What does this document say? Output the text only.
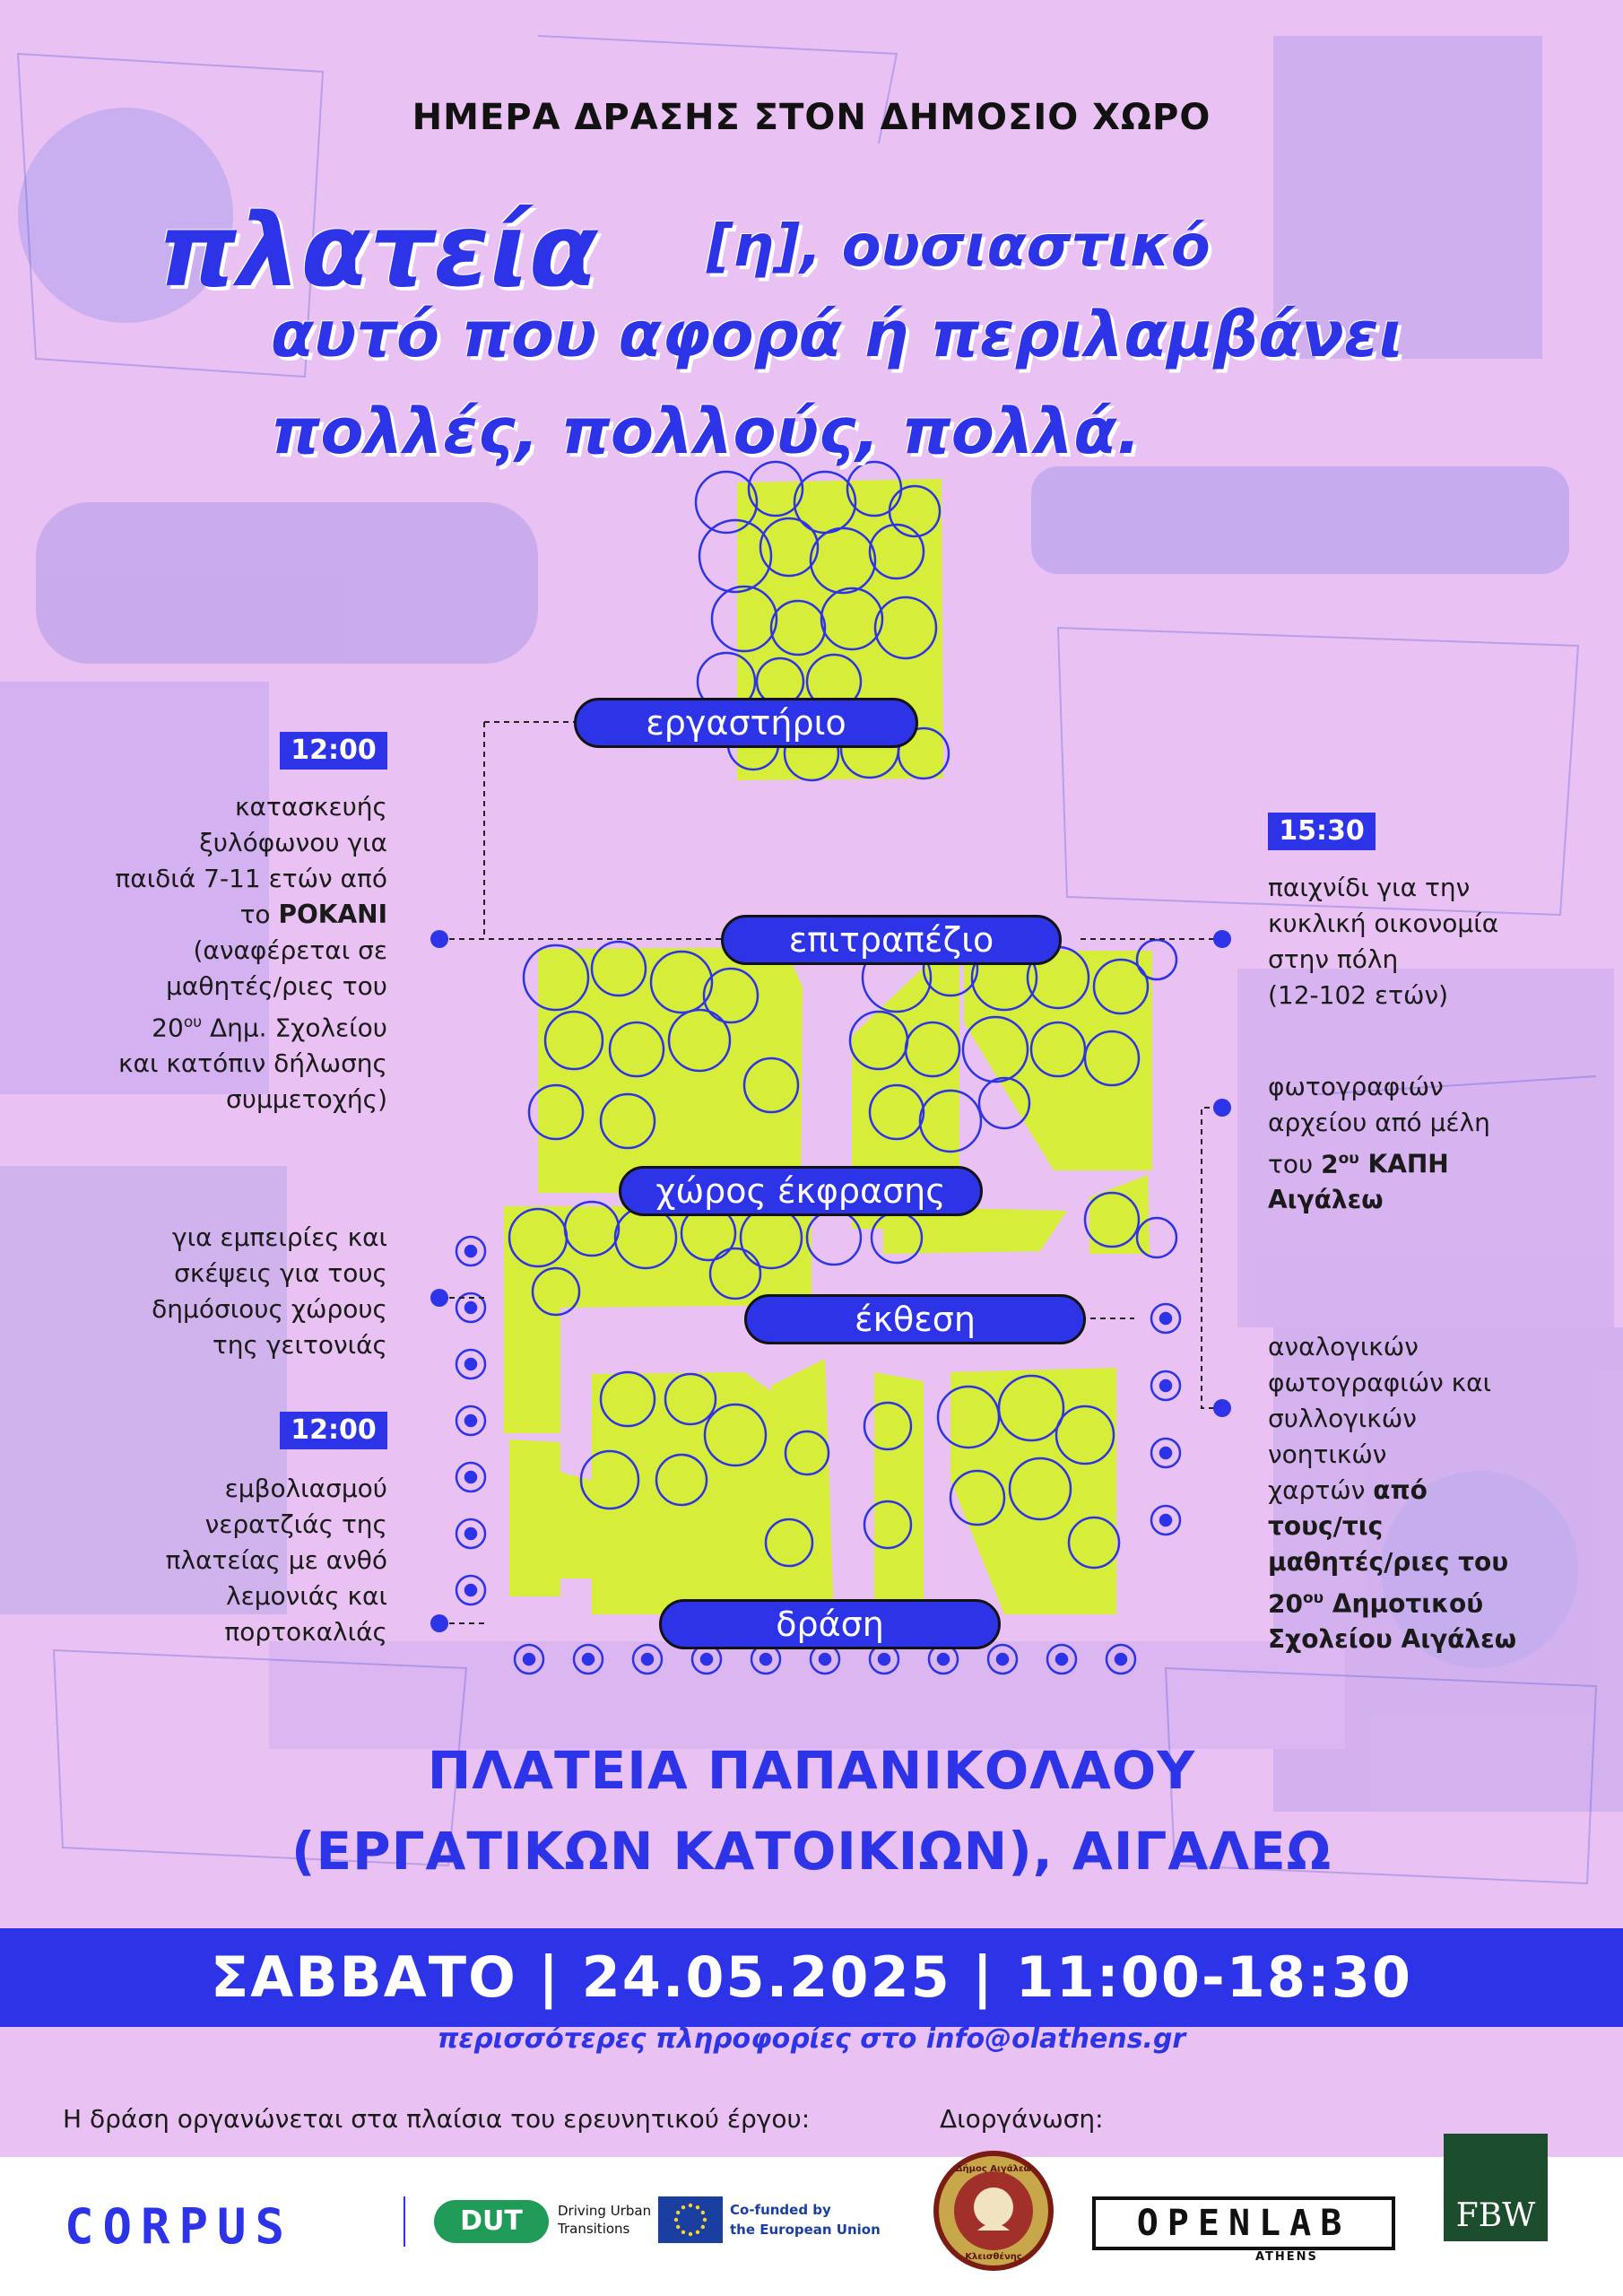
ΗΜΕΡΑ ΔΡΑΣΗΣ ΣΤΟΝ ΔΗΜΟΣΙΟ ΧΩΡΟ
πλατεία [η], ουσιαστικό
αυτό που αφορά ή περιλαμβάνει
πολλές, πολλούς, πολλά.
εργαστήριο
επιτραπέζιο
χώρος έκφρασης
έκθεση
δράση
12:00
κατασκευής
ξυλόφωνου για
παιδιά 7-11 ετών από
το ΡΟΚΑΝΙ
(αναφέρεται σε
μαθητές/ριες του
$20^{o\upsilon}$ Δημ. Σχολείου
και κατόπιν δήλωσης
συμμετοχής)
για εμπειρίες και
σκέψεις για τους
δημόσιους χώρους
της γειτονιάς
12:00
εμβολιασμού
νερατζιάς της
πλατείας με ανθό
λεμονιάς και
πορτοκαλιάς
15:30
παιχνίδι για την
κυκλική οικονομία
στην πόλη
(12-102 ετών)
φωτογραφιών
αρχείου από μέλη
του $2^{o\upsilon}$ ΚΑΠΗ
Αιγάλεω
αναλογικών
φωτογραφιών και
συλλογικών
νοητικών
χαρτών από
τους/τις
μαθητές/ριες του
$20^{o\upsilon}$ Δημοτικού
Σχολείου Αιγάλεω
ΠΛΑΤΕΙΑ ΠΑΠΑΝΙΚΟΛΑΟΥ
(ΕΡΓΑΤΙΚΩΝ ΚΑΤΟΙΚΙΩΝ), ΑΙΓΑΛΕΩ
ΣΑΒΒΑΤΟ | 24.05.2025 | 11:00-18:30
περισσότερες πληροφορίες στο info@olathens.gr
Η δράση οργανώνεται στα πλαίσια του ερευνητικού έργου:	Διοργάνωση:
CORPUS	DUT	Driving Urban
Transitions
Co-funded by
the European Union
Δήμος Αιγάλεω
Κλεισθένης
OPENLAB
ATHENS
FBW
